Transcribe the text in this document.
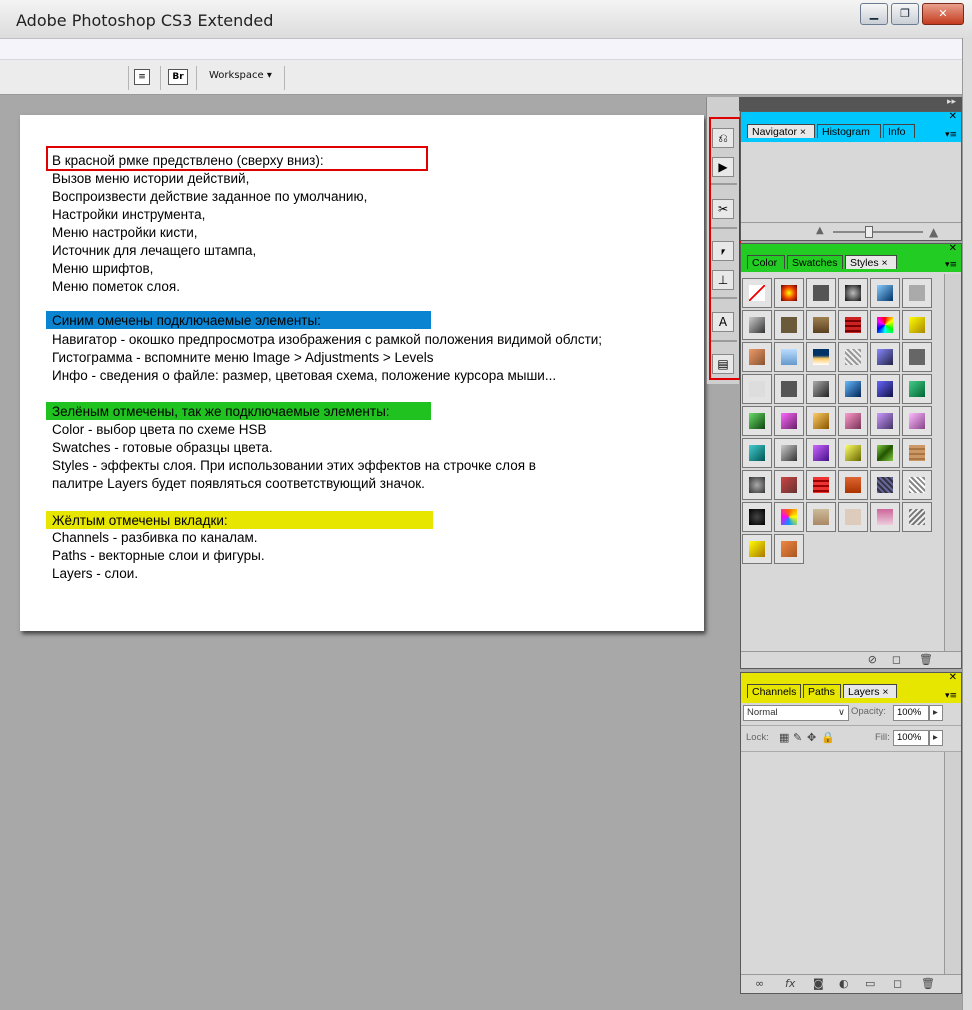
Adobe Photoshop CS3 Extended	▁	❐	✕
≡	Br	Workspace ▾
В красной рмке предствлено (сверху вниз):
Вызов меню истории действий,
Воспроизвести действие заданное по умолчанию,
Настройки инструмента,
Меню настройки кисти,
Источник для лечащего штампа,
Меню шрифтов,
Меню пометок слоя.
Синим омечены подключаемые элементы:
Навигатор - окошко предпросмотра изображения с рамкой положения видимой облсти;
Гистограмма - вспомните меню Image > Adjustments > Levels
Инфо - сведения о файле: размер, цветовая схема, положение курсора мыши...
Зелёным отмечены, так же подключаемые элементы:
Color - выбор цвета по схеме HSB
Swatches - готовые образцы цвета.
Styles - эффекты слоя. При использовании этих эффектов на строчке слоя в
палитре Layers будет появляться соответствующий значок.
Жёлтым отмечены вкладки:
Channels - разбивка по каналам.
Paths - векторные слои и фигуры.
Layers - слои.
▸▸
⎌
▶
✂
⎖
⊥
A
▤
✕
Navigator ×	Histogram	Info	▾≡
▲	▲
✕
Color	Swatches	Styles ×	▾≡
⊘ ◻ 🗑
✕
Channels	Paths	Layers ×	▾≡
Normal	∨ Opacity:	100%	▸
Lock: ▦ ✎ ✥ 🔒	Fill: 100%	▸
∞ fx ◙ ◐ ▭ ◻ 🗑
